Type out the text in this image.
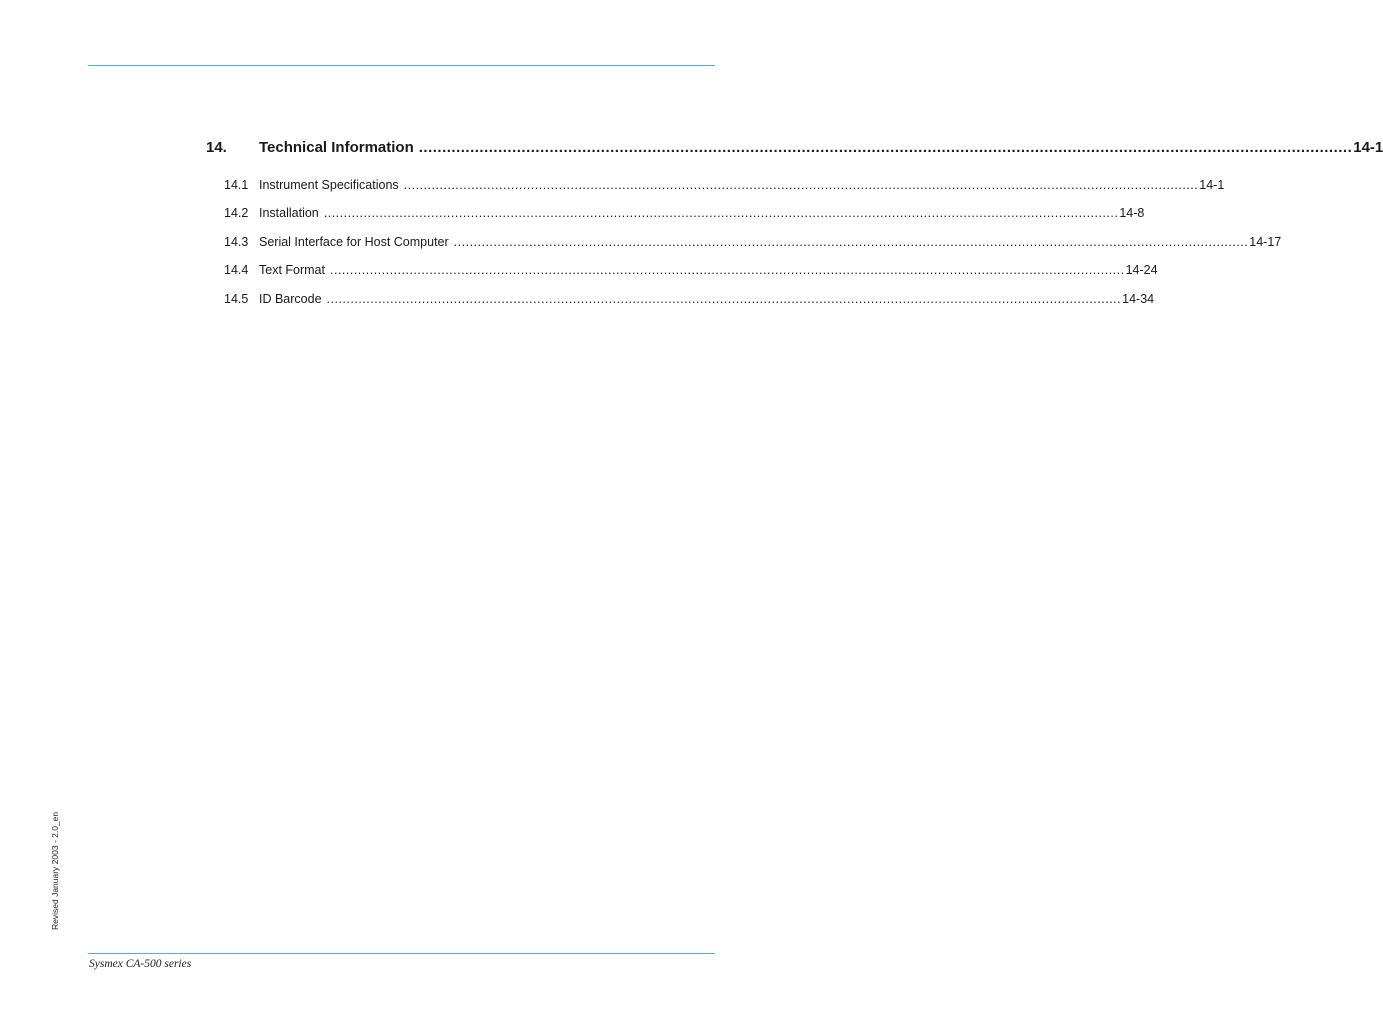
14.	Technical Information ........................................................................................................................................................................................................ 14-1
14.1 Instrument Specifications ........................................................................................................................................................................................................ 14-1
14.2 Installation ........................................................................................................................................................................................................ 14-8
14.3 Serial Interface for Host Computer ........................................................................................................................................................................................................ 14-17
14.4 Text Format ........................................................................................................................................................................................................ 14-24
14.5 ID Barcode ........................................................................................................................................................................................................ 14-34
Revised January 2003 - 2.0_en
Sysmex CA-500 series
